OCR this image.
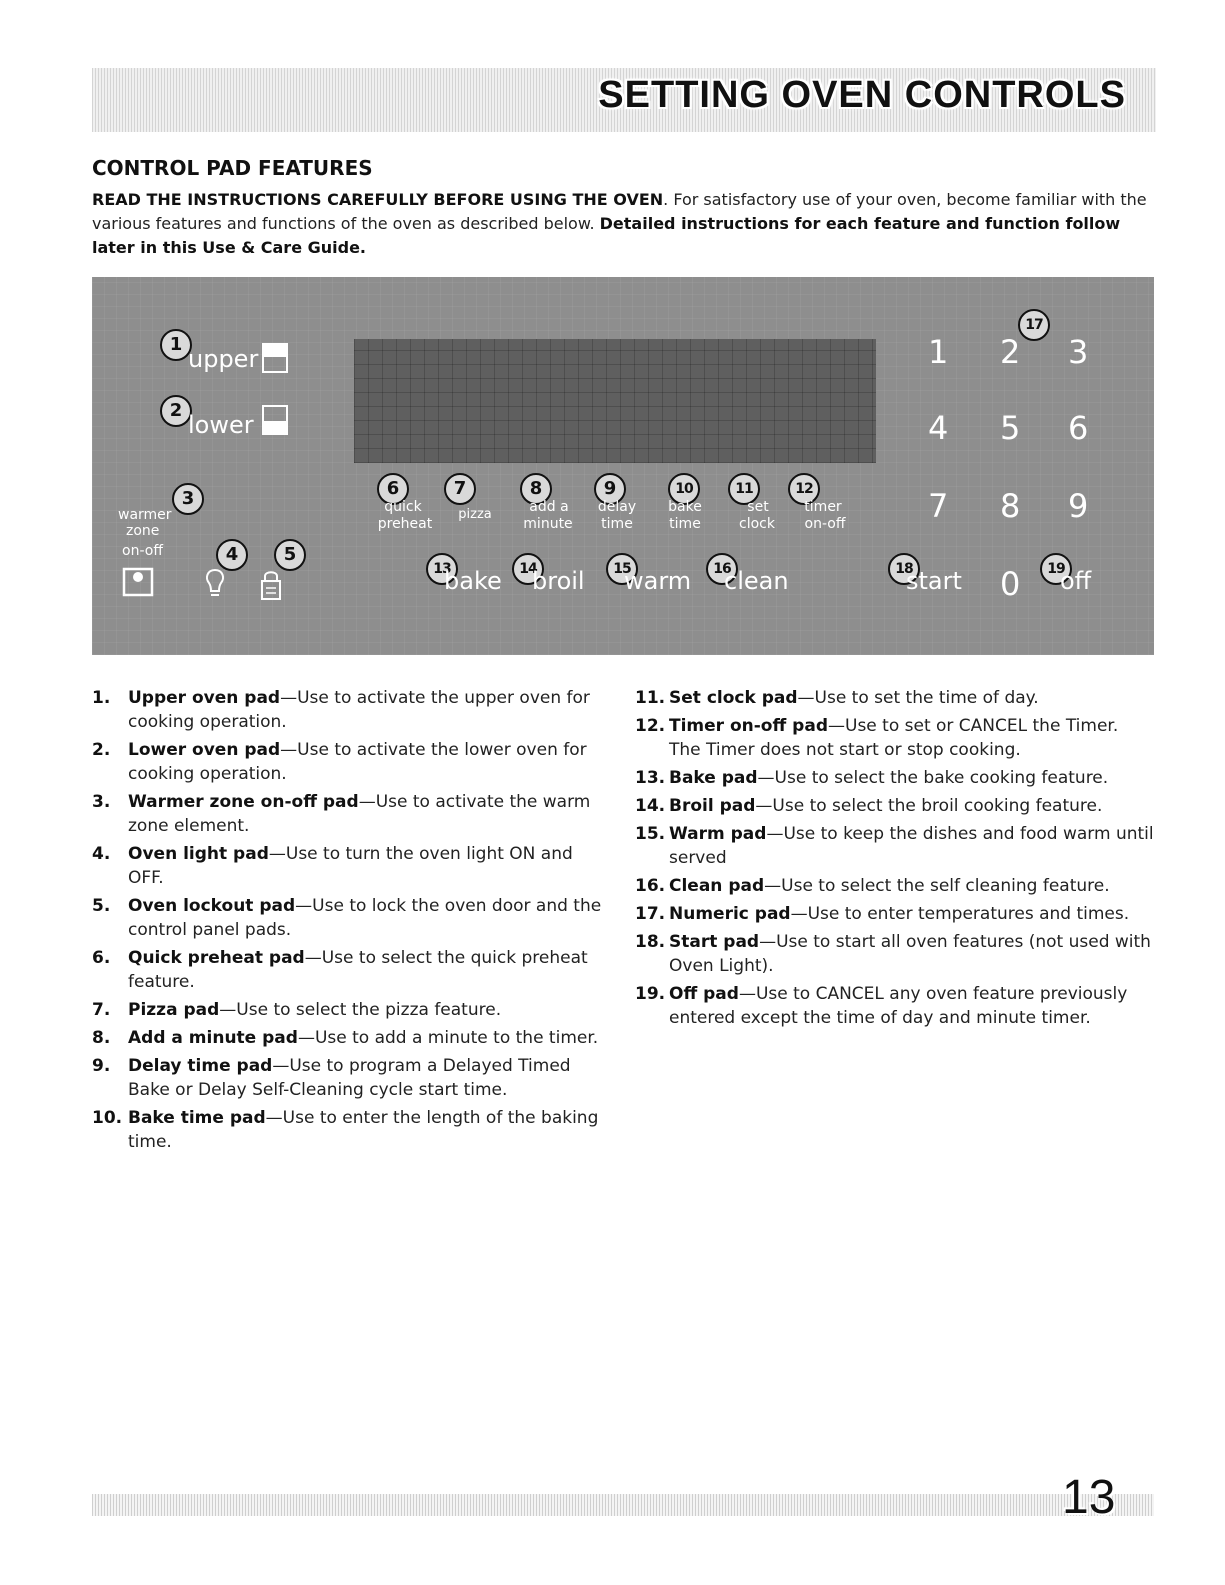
SETTING OVEN CONTROLS
CONTROL PAD FEATURES
READ THE INSTRUCTIONS CAREFULLY BEFORE USING THE OVEN. For satisfactory use of your oven, become familiar with the various features and functions of the oven as described below. Detailed instructions for each feature and function follow later in this Use & Care Guide.
1
upper
2
lower
warmer
zone
on-off
3
4	5
6
quick
preheat
7
pizza
8
add a
minute
9
delay
time
10
bake
time
11
set
clock
12
timer
on-off
13
bake	14
broil	15
warm	16
clean	18
start
17
1 2 3
4 5 6
7 8 9
0	19
off
1. Upper oven pad—Use to activate the upper oven for cooking operation.
2. Lower oven pad—Use to activate the lower oven for cooking operation.
3. Warmer zone on-off pad—Use to activate the warm zone element.
4. Oven light pad—Use to turn the oven light ON and OFF.
5. Oven lockout pad—Use to lock the oven door and the control panel pads.
6. Quick preheat pad—Use to select the quick preheat feature.
7. Pizza pad—Use to select the pizza feature.
8. Add a minute pad—Use to add a minute to the timer.
9. Delay time pad—Use to program a Delayed Timed Bake or Delay Self-Cleaning cycle start time.
10. Bake time pad—Use to enter the length of the baking time.
11. Set clock pad—Use to set the time of day.
12. Timer on-off pad—Use to set or CANCEL the Timer. The Timer does not start or stop cooking.
13. Bake pad—Use to select the bake cooking feature.
14. Broil pad—Use to select the broil cooking feature.
15. Warm pad—Use to keep the dishes and food warm until served
16. Clean pad—Use to select the self cleaning feature.
17. Numeric pad—Use to enter temperatures and times.
18. Start pad—Use to start all oven features (not used with Oven Light).
19. Off pad—Use to CANCEL any oven feature previously entered except the time of day and minute timer.
13
